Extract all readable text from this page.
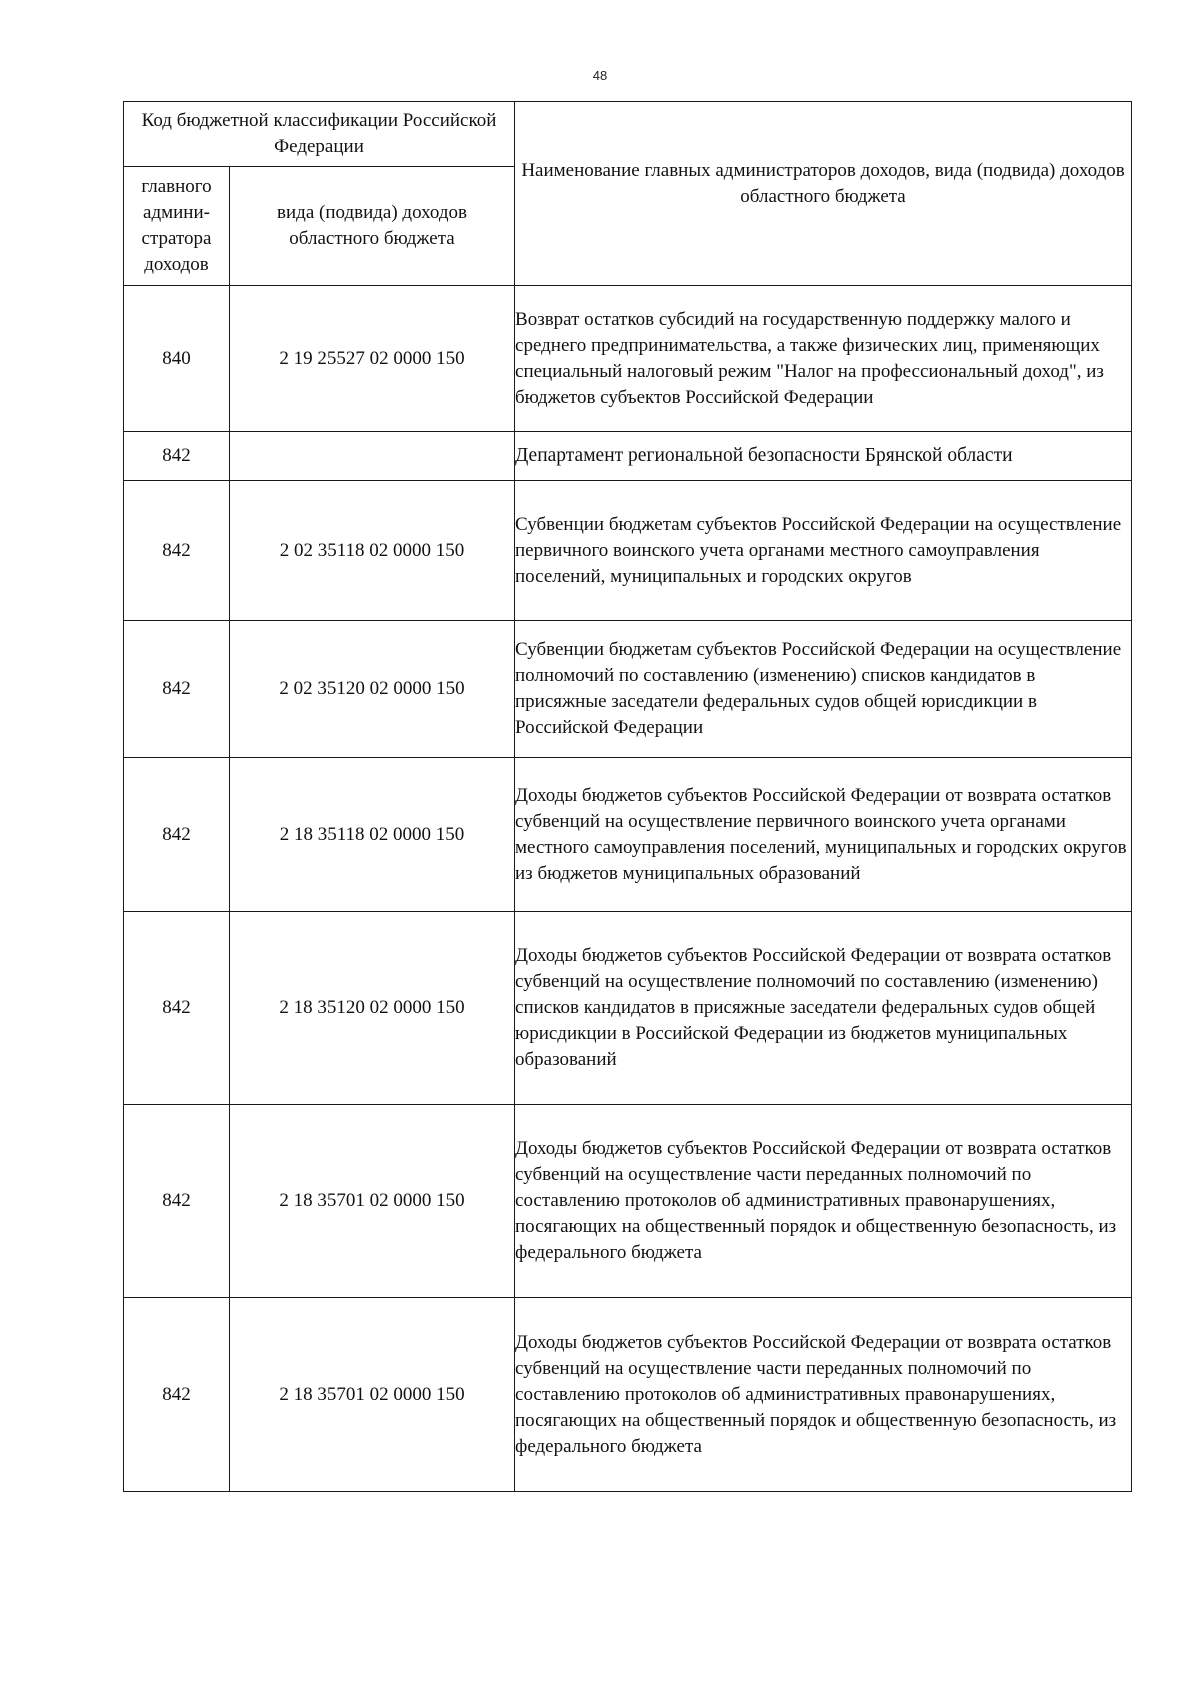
48
Код бюджетной классификации Российской Федерации		Наименование главных администраторов доходов, вида (подвида) доходов областного бюджета

главного админи-стратора доходов	вида (подвида) доходов областного бюджета	
840	2 19 25527 02 0000 150	Возврат остатков субсидий на государственную поддержку малого и среднего предпринимательства, а также физических лиц, применяющих специальный налоговый режим "Налог на профессиональный доход", из бюджетов субъектов Российской Федерации
842		Департамент региональной безопасности Брянской области
842	2 02 35118 02 0000 150	Субвенции бюджетам субъектов Российской Федерации на осуществление первичного воинского учета органами местного самоуправления поселений, муниципальных и городских округов
842	2 02 35120 02 0000 150	Субвенции бюджетам субъектов Российской Федерации на осуществление полномочий по составлению (изменению) списков кандидатов в присяжные заседатели федеральных судов общей юрисдикции в Российской Федерации
842	2 18 35118 02 0000 150	Доходы бюджетов субъектов Российской Федерации от возврата остатков субвенций на осуществление первичного воинского учета органами местного самоуправления поселений, муниципальных и городских округов из бюджетов муниципальных образований
842	2 18 35120 02 0000 150	Доходы бюджетов субъектов Российской Федерации от возврата остатков субвенций на осуществление полномочий по составлению (изменению) списков кандидатов в присяжные заседатели федеральных судов общей юрисдикции в Российской Федерации из бюджетов муниципальных образований
842	2 18 35701 02 0000 150	Доходы бюджетов субъектов Российской Федерации от возврата остатков субвенций на осуществление части переданных полномочий по составлению протоколов об административных правонарушениях, посягающих на общественный порядок и общественную безопасность, из федерального бюджета
842	2 18 35701 02 0000 150	Доходы бюджетов субъектов Российской Федерации от возврата остатков субвенций на осуществление части переданных полномочий по составлению протоколов об административных правонарушениях, посягающих на общественный порядок и общественную безопасность, из федерального бюджета
